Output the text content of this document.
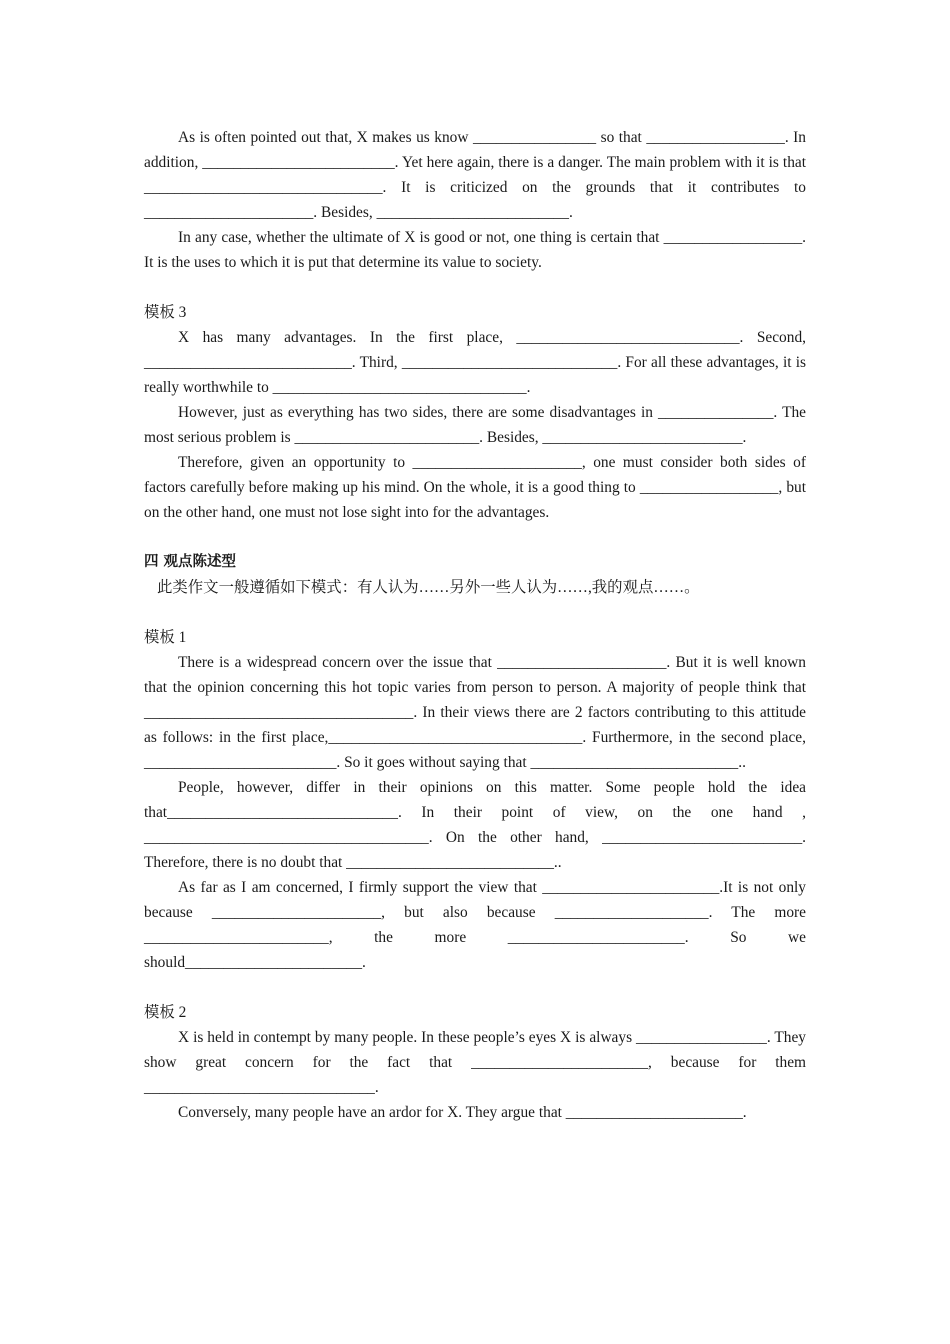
As is often pointed out that, X makes us know ________________ so that __________________. In addition, _________________________. Yet here again, there is a danger. The main problem with it is that _______________________________. It is criticized on the grounds that it contributes to ______________________. Besides, _________________________.

In any case, whether the ultimate of X is good or not, one thing is certain that __________________. It is the uses to which it is put that determine its value to society.

模板 3

X has many advantages. In the first place, _____________________________. Second, ___________________________. Third, ____________________________. For all these advantages, it is really worthwhile to _________________________________.

However, just as everything has two sides, there are some disadvantages in _______________. The most serious problem is ________________________. Besides, __________________________.

Therefore, given an opportunity to ______________________, one must consider both sides of factors carefully before making up his mind. On the whole, it is a good thing to __________________, but on the other hand, one must not lose sight into for the advantages.

四 观点陈述型

此类作文一般遵循如下模式：有人认为……另外一些人认为……,我的观点……。

模板 1

There is a widespread concern over the issue that ______________________. But it is well known that the opinion concerning this hot topic varies from person to person. A majority of people think that ___________________________________. In their views there are 2 factors contributing to this attitude as follows: in the first place,_________________________________. Furthermore, in the second place, _________________________. So it goes without saying that ___________________________..

People, however, differ in their opinions on this matter. Some people hold the idea that______________________________. In their point of view, on the one hand , _____________________________________. On the other hand, __________________________. Therefore, there is no doubt that ___________________________..

As far as I am concerned, I firmly support the view that _______________________.It is not only because ______________________, but also because ____________________. The more ________________________, the more _______________________. So we should_______________________.

模板 2

X is held in contempt by many people. In these people’s eyes X is always _________________. They show great concern for the fact that _______________________, because for them ______________________________.

Conversely, many people have an ardor for X. They argue that _______________________.
